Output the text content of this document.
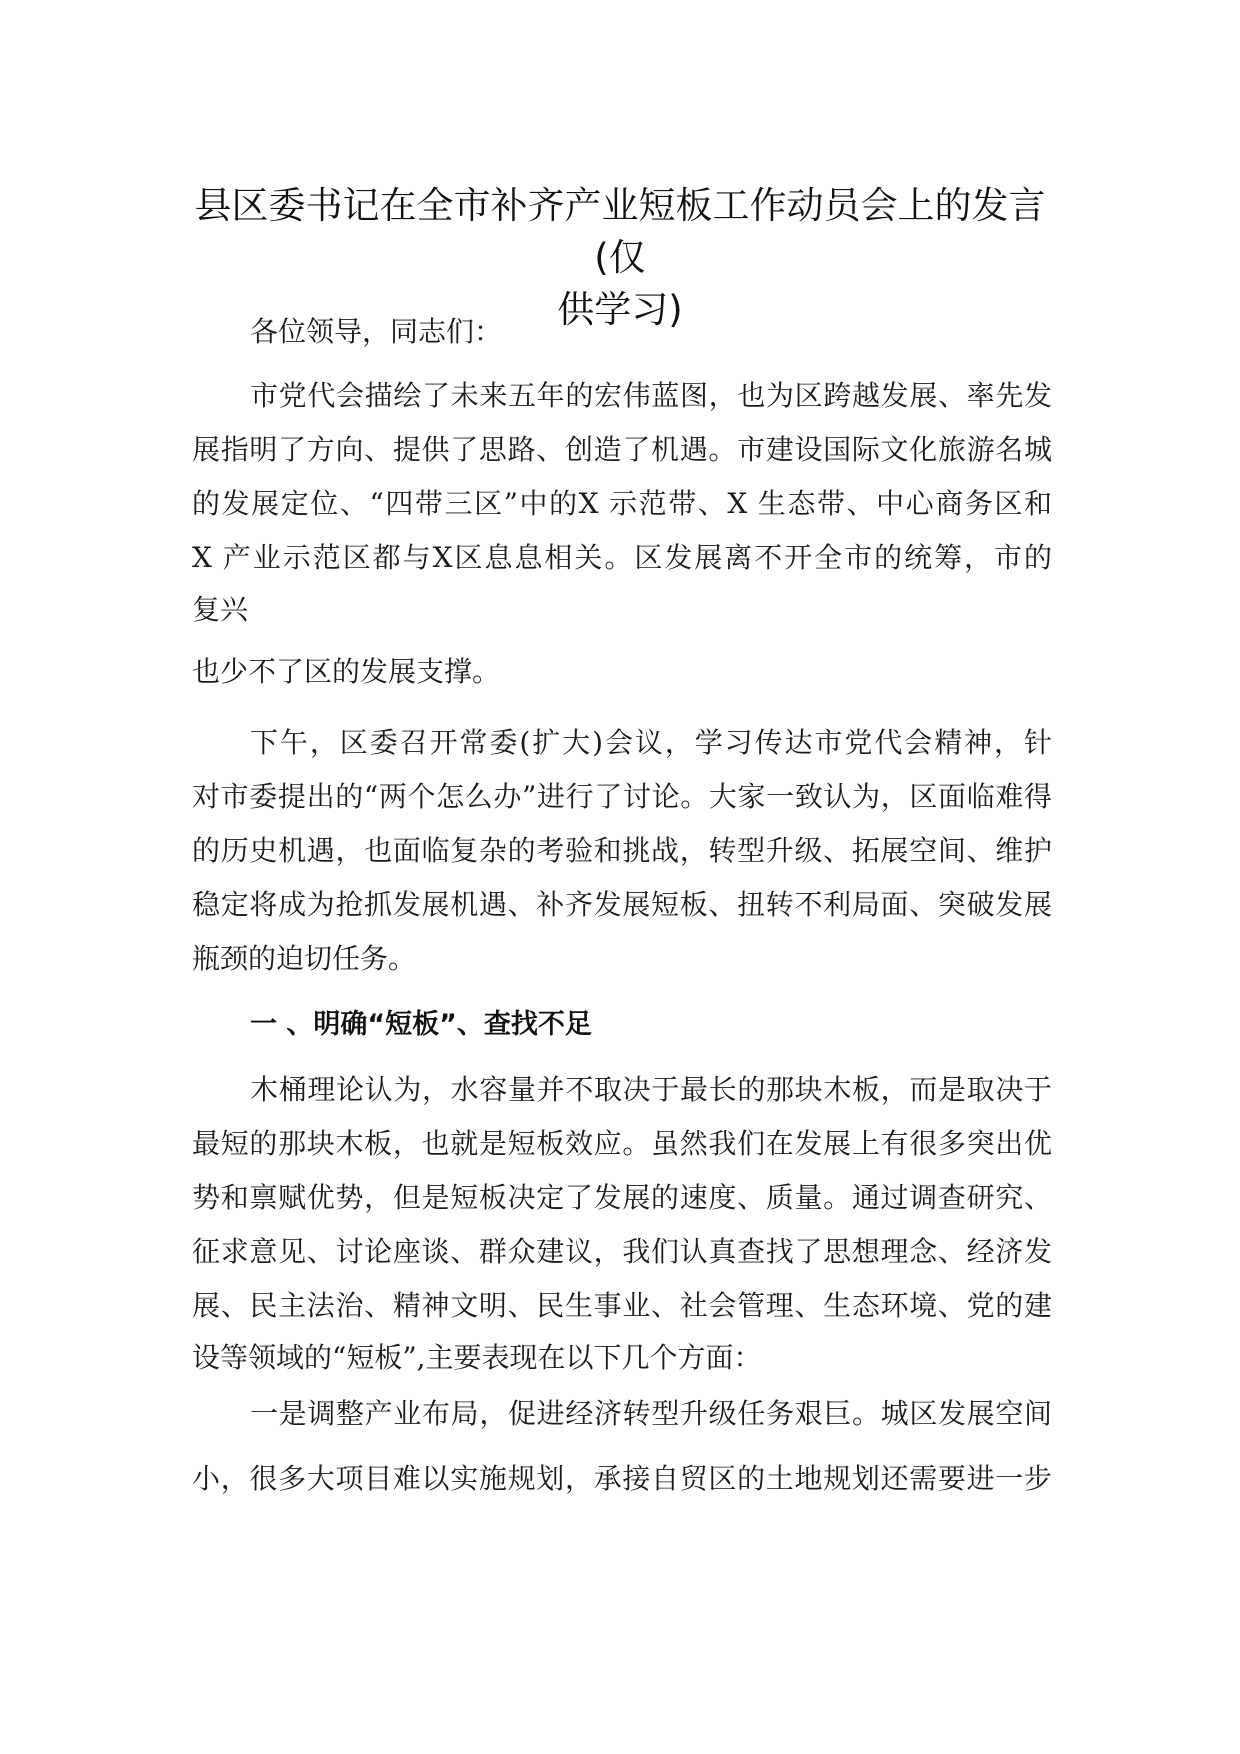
县区委书记在全市补齐产业短板工作动员会上的发言(仅
供学习)

各位领导，同志们：

市党代会描绘了未来五年的宏伟蓝图，也为区跨越发展、率先发

展指明了方向、提供了思路、创造了机遇。市建设国际文化旅游名城

的发展定位、“四带三区”中的X 示范带、X 生态带、中心商务区和

X 产业示范区都与X区息息相关。区发展离不开全市的统筹，市的

复兴

也少不了区的发展支撑。

下午，区委召开常委(扩大)会议，学习传达市党代会精神，针

对市委提出的“两个怎么办”进行了讨论。大家一致认为，区面临难得

的历史机遇，也面临复杂的考验和挑战，转型升级、拓展空间、维护

稳定将成为抢抓发展机遇、补齐发展短板、扭转不利局面、突破发展

瓶颈的迫切任务。

一 、明确“短板”、查找不足

木桶理论认为，水容量并不取决于最长的那块木板，而是取决于

最短的那块木板，也就是短板效应。虽然我们在发展上有很多突出优

势和禀赋优势，但是短板决定了发展的速度、质量。通过调查研究、

征求意见、讨论座谈、群众建议，我们认真查找了思想理念、经济发

展、民主法治、精神文明、民生事业、社会管理、生态环境、党的建

设等领域的“短板”,主要表现在以下几个方面：

一是调整产业布局，促进经济转型升级任务艰巨。城区发展空间

小，很多大项目难以实施规划，承接自贸区的土地规划还需要进一步
